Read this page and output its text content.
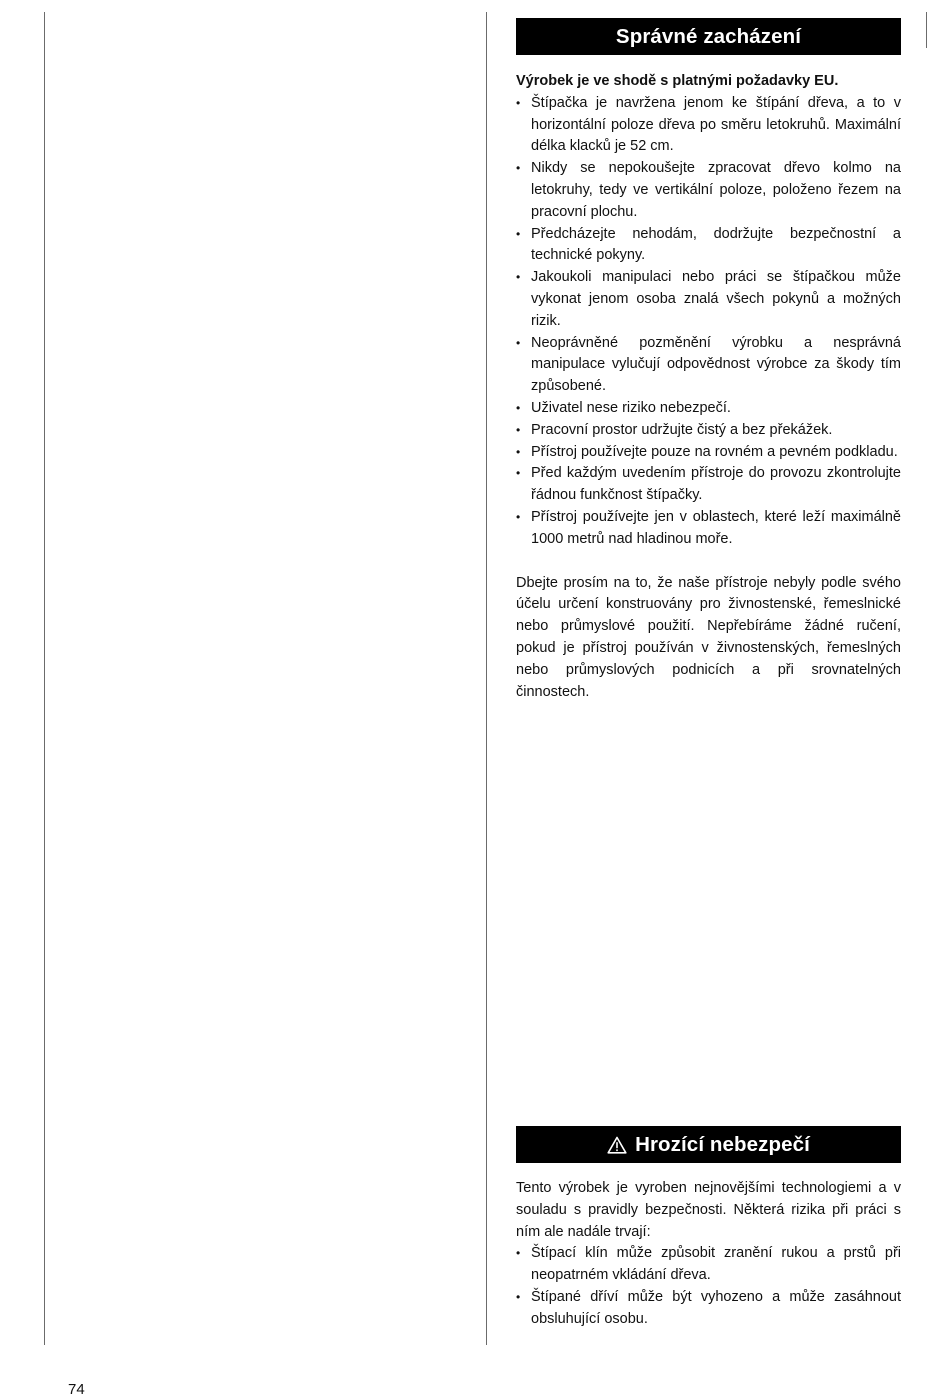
Správné zacházení
Výrobek je ve shodě s platnými požadavky EU.
• Štípačka je navržena jenom ke štípání dřeva, a to v horizontální poloze dřeva po směru letokruhů. Maximální délka klacků je 52 cm.
• Nikdy se nepokoušejte zpracovat dřevo kolmo na letokruhy, tedy ve vertikální poloze, položeno řezem na pracovní plochu.
• Předcházejte nehodám, dodržujte bezpečnostní a technické pokyny.
• Jakoukoli manipulaci nebo práci se štípačkou může vykonat jenom osoba znalá všech pokynů a možných rizik.
• Neoprávněné pozměnění výrobku a nesprávná manipulace vylučují odpovědnost výrobce za škody tím způsobené.
• Uživatel nese riziko nebezpečí.
• Pracovní prostor udržujte čistý a bez překážek.
• Přístroj používejte pouze na rovném a pevném podkladu.
• Před každým uvedením přístroje do provozu zkontrolujte řádnou funkčnost štípačky.
• Přístroj používejte jen v oblastech, které leží maximálně 1000 metrů nad hladinou moře.
Dbejte prosím na to, že naše přístroje nebyly podle svého účelu určení konstruovány pro živnostenské, řemeslnické nebo průmyslové použití. Nepřebíráme žádné ručení, pokud je přístroj používán v živnostenských, řemeslných nebo průmyslových podnicích a při srovnatelných činnostech.
Hrozící nebezpečí
Tento výrobek je vyroben nejnovějšími technologiemi a v souladu s pravidly bezpečnosti. Některá rizika při práci s ním ale nadále trvají:
• Štípací klín může způsobit zranění rukou a prstů při neopatrném vkládání dřeva.
• Štípané dříví může být vyhozeno a může zasáhnout obsluhující osobu.
74
